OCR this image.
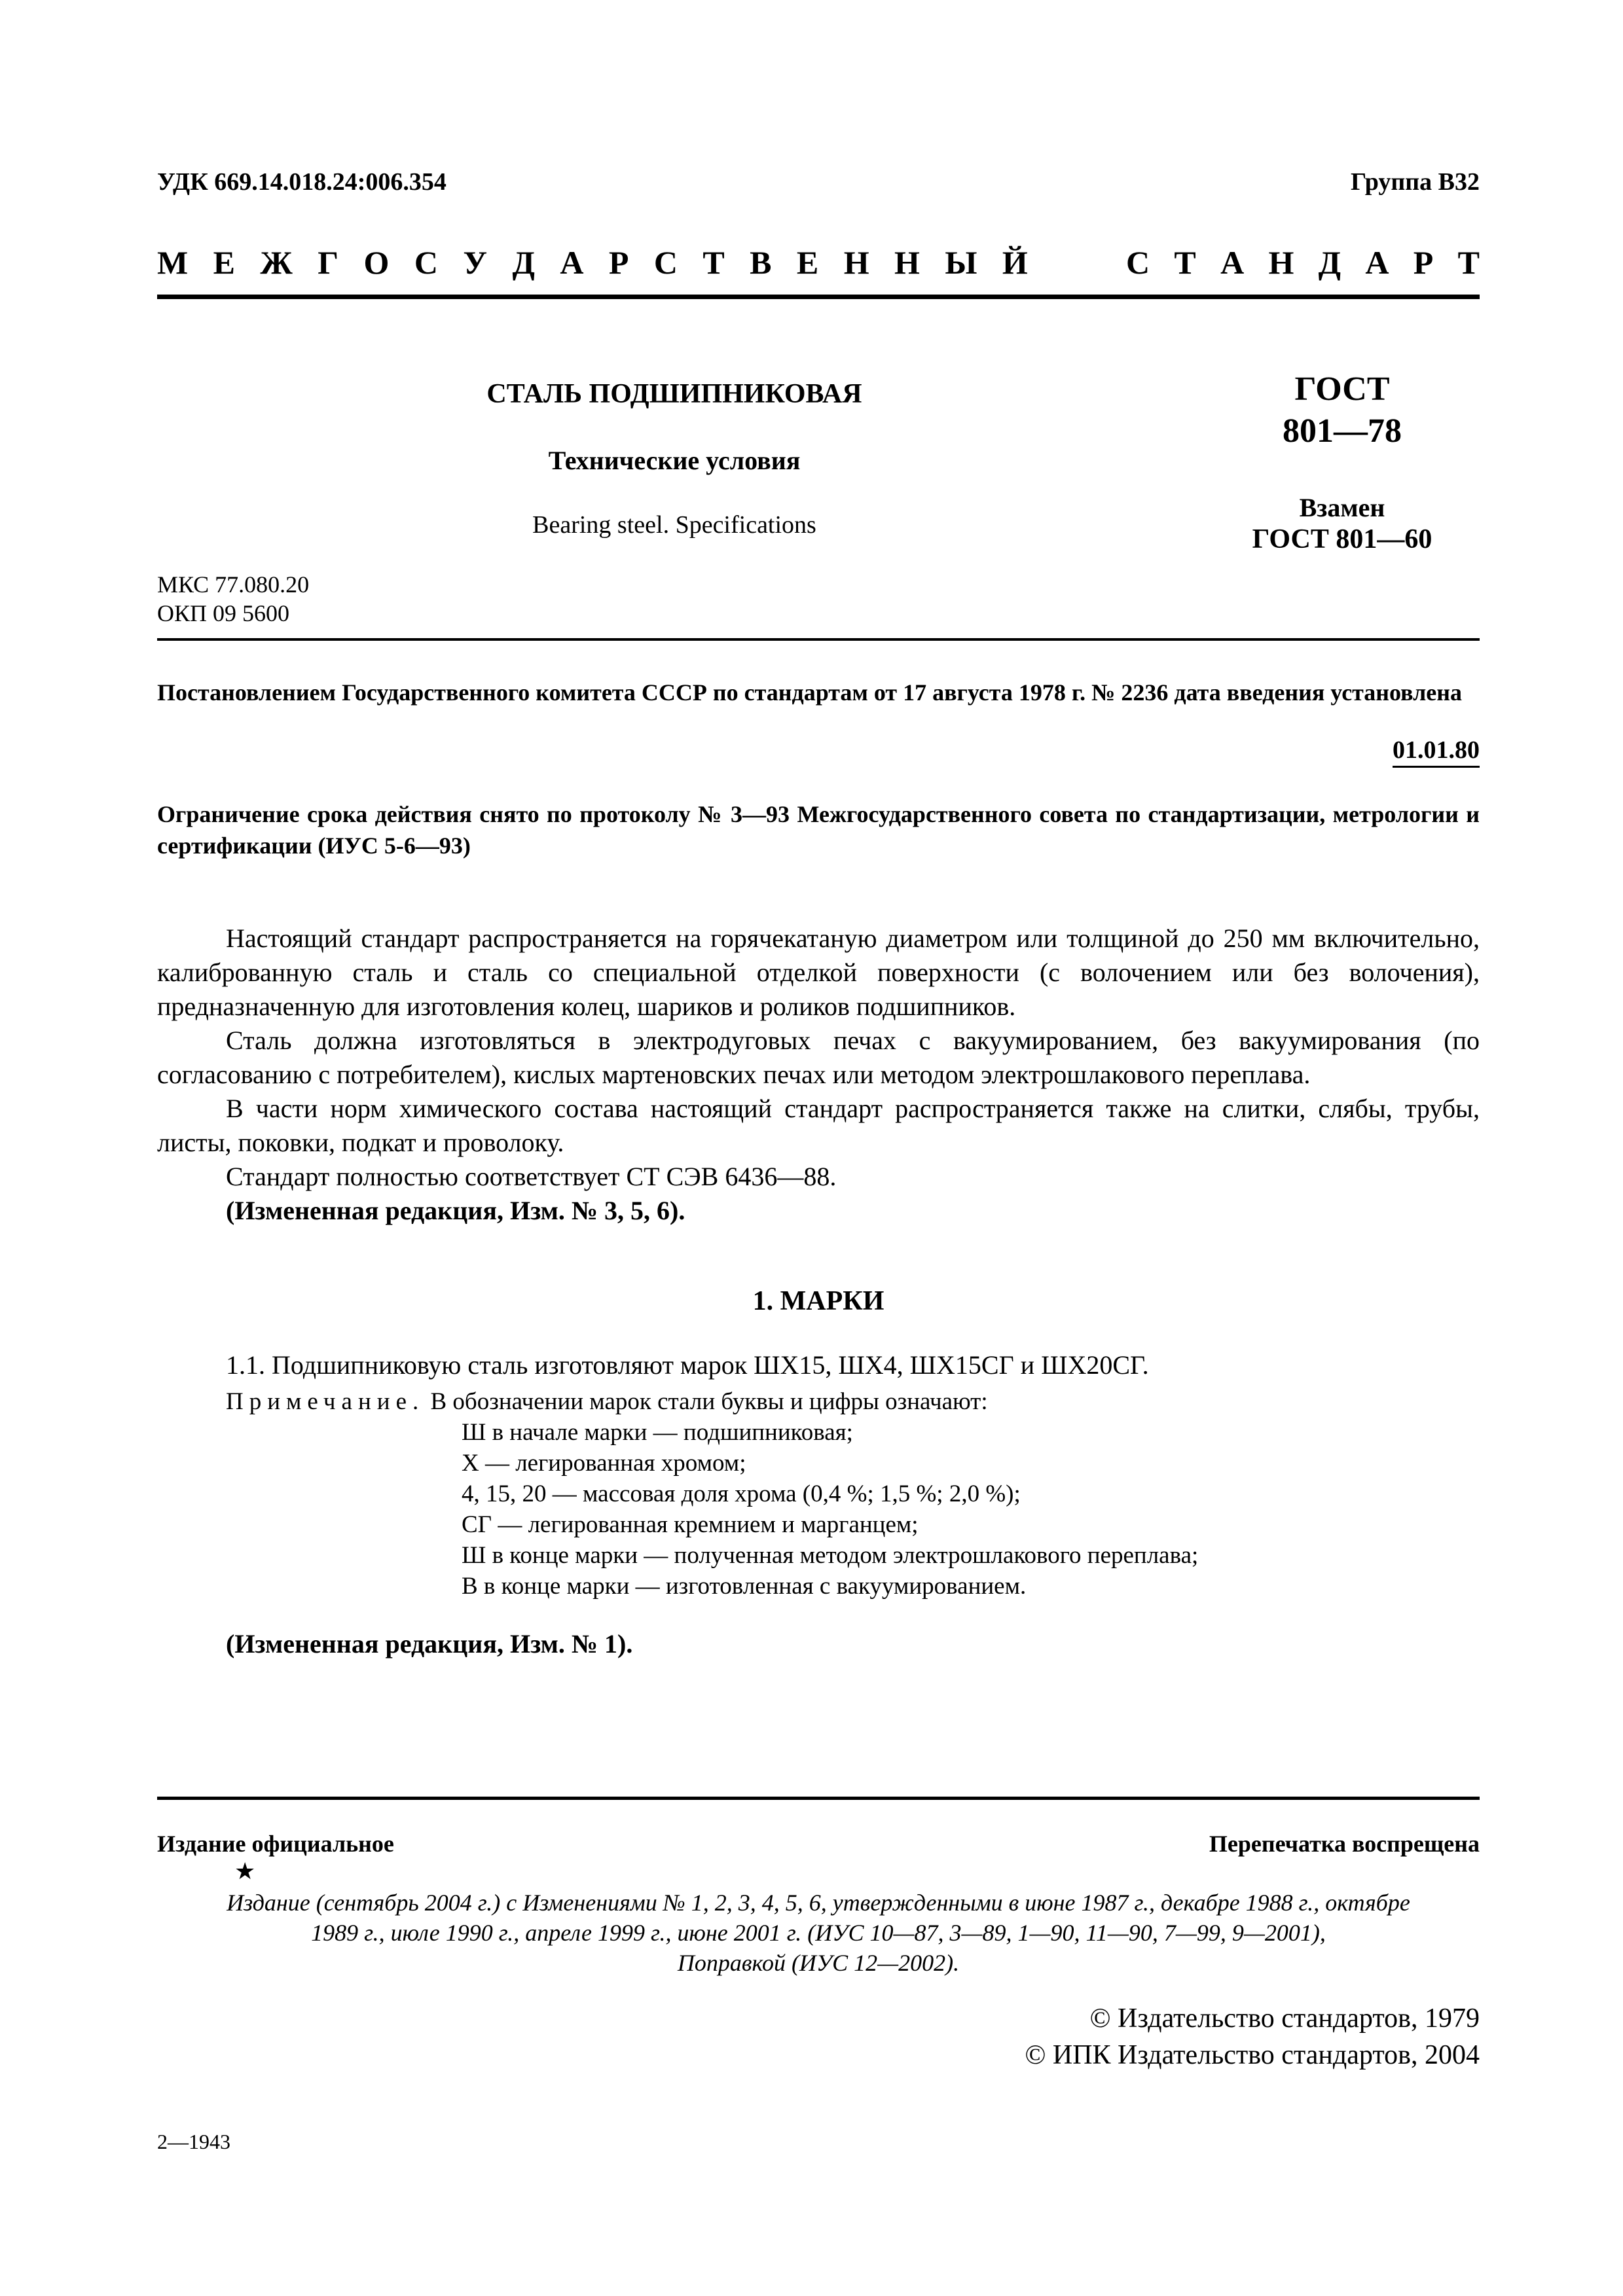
УДК 669.14.018.24:006.354	Группа В32
М Е Ж Г О С У Д А Р С Т В Е Н Н Ы Й	С Т А Н Д А Р Т
СТАЛЬ ПОДШИПНИКОВАЯ
Технические условия
Bearing steel. Specifications
ГОСТ
801—78
Взамен
ГОСТ 801—60
МКС 77.080.20
ОКП 09 5600
Постановлением Государственного комитета СССР по стандартам от 17 августа 1978 г. № 2236 дата введения установлена
01.01.80
Ограничение срока действия снято по протоколу № 3—93 Межгосударственного совета по стандартизации, метрологии и сертификации (ИУС 5-6—93)
Настоящий стандарт распространяется на горячекатаную диаметром или толщиной до 250 мм включительно, калиброванную сталь и сталь со специальной отделкой поверхности (с волочением или без волочения), предназначенную для изготовления колец, шариков и роликов подшипников.
Сталь должна изготовляться в электродуговых печах с вакуумированием, без вакуумирования (по согласованию с потребителем), кислых мартеновских печах или методом электрошлакового переплава.
В части норм химического состава настоящий стандарт распространяется также на слитки, слябы, трубы, листы, поковки, подкат и проволоку.
Стандарт полностью соответствует СТ СЭВ 6436—88.
(Измененная редакция, Изм. № 3, 5, 6).
1. МАРКИ
1.1. Подшипниковую сталь изготовляют марок ШХ15, ШХ4, ШХ15СГ и ШХ20СГ.
Примечание. В обозначении марок стали буквы и цифры означают:
Ш в начале марки — подшипниковая;
Х — легированная хромом;
4, 15, 20 — массовая доля хрома (0,4 %; 1,5 %; 2,0 %);
СГ — легированная кремнием и марганцем;
Ш в конце марки — полученная методом электрошлакового переплава;
В в конце марки — изготовленная с вакуумированием.
(Измененная редакция, Изм. № 1).
Издание официальное	Перепечатка воспрещена
★
Издание (сентябрь 2004 г.) с Изменениями № 1, 2, 3, 4, 5, 6, утвержденными в июне 1987 г., декабре 1988 г., октябре
1989 г., июле 1990 г., апреле 1999 г., июне 2001 г. (ИУС 10—87, 3—89, 1—90, 11—90, 7—99, 9—2001),
Поправкой (ИУС 12—2002).
© Издательство стандартов, 1979
© ИПК Издательство стандартов, 2004
2—1943
